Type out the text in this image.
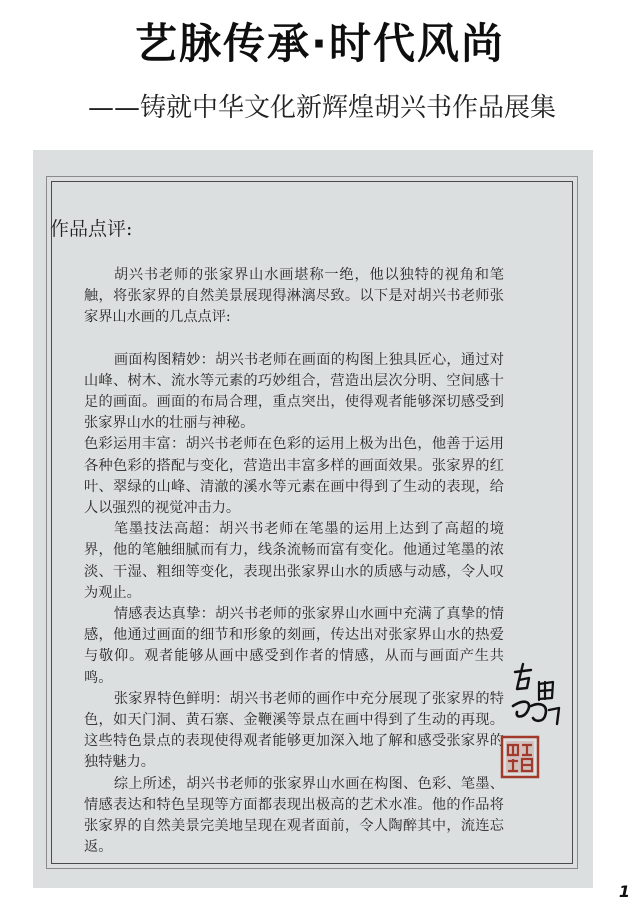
艺脉传承·时代风尚
——铸就中华文化新辉煌胡兴书作品展集
作品点评:

胡兴书老师的张家界山水画堪称一绝，他以独特的视角和笔触，将张家界的自然美景展现得淋漓尽致。以下是对胡兴书老师张家界山水画的几点点评:

画面构图精妙：胡兴书老师在画面的构图上独具匠心，通过对山峰、树木、流水等元素的巧妙组合，营造出层次分明、空间感十足的画面。画面的布局合理，重点突出，使得观者能够深切感受到张家界山水的壮丽与神秘。

色彩运用丰富：胡兴书老师在色彩的运用上极为出色，他善于运用各种色彩的搭配与变化，营造出丰富多样的画面效果。张家界的红叶、翠绿的山峰、清澈的溪水等元素在画中得到了生动的表现，给人以强烈的视觉冲击力。

笔墨技法高超：胡兴书老师在笔墨的运用上达到了高超的境界，他的笔触细腻而有力，线条流畅而富有变化。他通过笔墨的浓淡、干湿、粗细等变化，表现出张家界山水的质感与动感，令人叹为观止。

情感表达真挚：胡兴书老师的张家界山水画中充满了真挚的情感，他通过画面的细节和形象的刻画，传达出对张家界山水的热爱与敬仰。观者能够从画中感受到作者的情感，从而与画面产生共鸣。

张家界特色鲜明：胡兴书老师的画作中充分展现了张家界的特色，如天门洞、黄石寨、金鞭溪等景点在画中得到了生动的再现。这些特色景点的表现使得观者能够更加深入地了解和感受张家界的独特魅力。

综上所述，胡兴书老师的张家界山水画在构图、色彩、笔墨、情感表达和特色呈现等方面都表现出极高的艺术水准。他的作品将张家界的自然美景完美地呈现在观者面前，令人陶醉其中，流连忘返。

1
